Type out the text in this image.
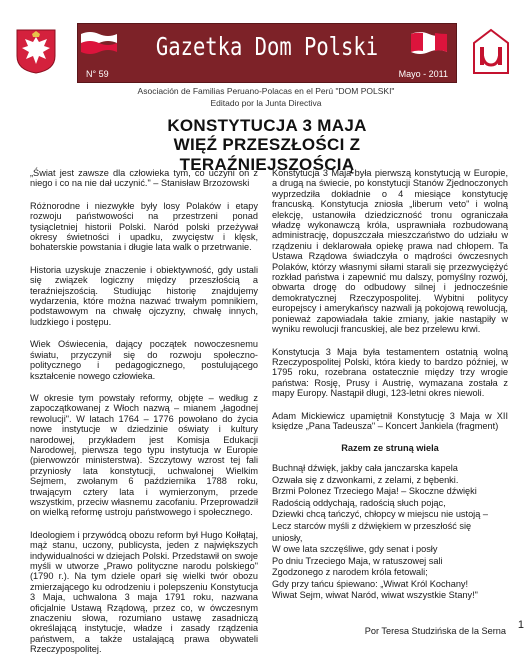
Gazetka Dom Polski
N° 59	Mayo - 2011
Asociación de Familias Peruano-Polacas en el Perú "DOM POLSKI"
Editado por la Junta Directiva
KONSTYTUCJA 3 MAJA
WIĘŹ PRZESZŁOŚCI Z TERAŹNIEJSZOŚCIĄ

„Świat jest zawsze dla człowieka tym, co uczyni on z niego i co na nie dał uczynić." – Stanisław Brzozowski

Różnorodne i niezwykłe były losy Polaków i etapy rozwoju państwowości na przestrzeni ponad tysiącletniej historii Polski. Naród polski przeżywał okresy świetności i upadku, zwycięstw i klęsk, bohaterskie powstania i długie lata walk o przetrwanie.

Historia uzyskuje znaczenie i obiektywność, gdy ustali się związek logiczny między przeszłością a teraźniejszością. Studiując historię znajdujemy wydarzenia, które można nazwać trwałym pomnikiem, podstawowym na chwałę ojczyzny, chwałę innych, ludzkiego i postępu.

Wiek Oświecenia, dający początek nowoczesnemu światu, przyczynił się do rozwoju społeczno-politycznego i pedagogicznego, postulującego kształcenie nowego człowieka.

W okresie tym powstały reformy, objęte – według z zapoczątkowanej z Włoch nazwą – mianem „łagodnej rewolucji". W latach 1764 – 1776 powołano do życia nowe instytucje w dziedzinie oświaty i kultury narodowej, przykładem jest Komisja Edukacji Narodowej, pierwsza tego typu instytucja w Europie (pierwowzór ministerstwa). Szczytowy wzrost tej fali przyniosły lata konstytucji, uchwalonej Wielkim Sejmem, zwołanym 6 października 1788 roku, trwającym cztery lata i wymierzonym, przede wszystkim, przeciw własnemu zacofaniu. Przeprowadził on wielką reformę ustroju państwowego i społecznego.

Ideologiem i przywódcą obozu reform był Hugo Kołłątaj, mąż stanu, uczony, publicysta, jeden z największych indywidualności w dziejach Polski. Przedstawił on swoje myśli w utworze „Prawo polityczne narodu polskiego" (1790 r.). Na tym dziele oparł się wielki twór obozu zmierzającego ku odrodzeniu i polepszeniu Konstytucja 3 Maja, uchwalona 3 maja 1791 roku, nazwana oficjalnie Ustawą Rządową, przez co, w ówczesnym znaczeniu słowa, rozumiano ustawę zasadniczą określającą instytucje, władze i zasady rządzenia państwem, a także ustalającą prawa obywateli Rzeczypospolitej.

Konstytucja 3 Maja była pierwszą konstytucją w Europie, a drugą na świecie, po konstytucji Stanów Zjednoczonych wyprzedziła dokładnie o 4 miesiące konstytucję francuską. Konstytucja zniosła „liberum veto" i wolną elekcję, ustanowiła dziedziczność tronu ograniczała władzę wykonawczą króla, usprawniała rozbudowaną administrację, dopuszczała mieszczaństwo do udziału w rządzeniu i deklarowała opiekę prawa nad chłopem. Ta Ustawa Rządowa świadczyła o mądrości ówczesnych Polaków, którzy własnymi siłami starali się przezwyciężyć rozkład państwa i zapewnić mu dalszy, pomyślny rozwój, obwarta drogę do odbudowy silnej i jednocześnie demokratycznej Rzeczypospolitej. Wybitni politycy europejscy i amerykańscy nazwali ją pokojową rewolucją, ponieważ zapowiadała takie zmiany, jakie nastąpiły w wyniku rewolucji francuskiej, ale bez przelewu krwi.

Konstytucja 3 Maja była testamentem ostatnią wolną Rzeczypospolitej Polski, która kiedy to bardzo później, w 1795 roku, rozebrana ostatecznie między trzy wrogie państwa: Rosję, Prusy i Austrię, wymazana została z mapy Europy. Nastąpił długi, 123-letni okres niewoli.

Adam Mickiewicz upamiętnił Konstytucję 3 Maja w XII księdze „Pana Tadeusza" – Koncert Jankiela (fragment)

Razem ze struną wiela
Buchnął dźwięk, jakby cała janczarska kapela
Ozwała się z dzwonkami, z zelami, z bębenki.
Brzmi Polonez Trzeciego Maja! – Skoczne dźwięki
Radością oddychają, radością słuch pojąc,
Dziewki chcą tańczyć, chłopcy w miejscu nie ustoją –
Lecz starców myśli z dźwiękiem w przeszłość się
uniosły,
W owe lata szczęśliwe, gdy senat i posły
Po dniu Trzeciego Maja, w ratuszowej sali
Zgodzonego z narodem króla fetowali;
Gdy przy tańcu śpiewano: „Wiwat Król Kochany!
Wiwat Sejm, wiwat Naród, wiwat wszystkie Stany!"
Por Teresa Studzińska de la Serna
1
